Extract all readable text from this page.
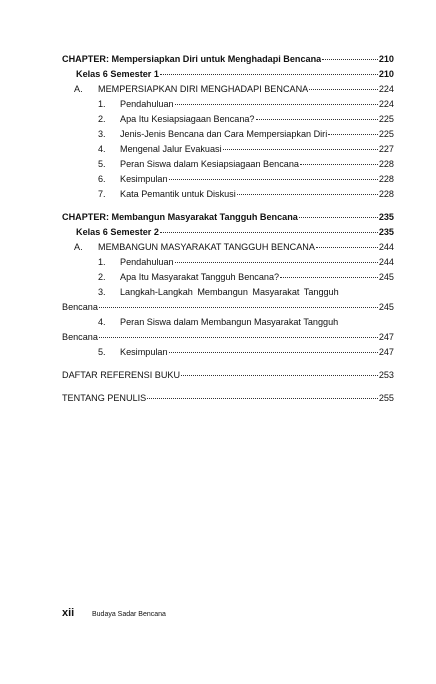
CHAPTER: Mempersiapkan Diri untuk Menghadapi Bencana	210
Kelas 6 Semester 1	210
A.	MEMPERSIAPKAN DIRI MENGHADAPI BENCANA	224
1.	Pendahuluan	224
2.	Apa Itu Kesiapsiagaan Bencana?	225
3.	Jenis-Jenis Bencana dan Cara Mempersiapkan Diri	225
4.	Mengenal Jalur Evakuasi	227
5.	Peran Siswa dalam Kesiapsiagaan Bencana	228
6.	Kesimpulan	228
7.	Kata Pemantik untuk Diskusi	228
CHAPTER: Membangun Masyarakat Tangguh Bencana	235
Kelas 6 Semester 2	235
A.	MEMBANGUN MASYARAKAT TANGGUH BENCANA	244
1.	Pendahuluan	244
2.	Apa Itu Masyarakat Tangguh Bencana?	245
3.	Langkah-Langkah Membangun Masyarakat Tangguh
Bencana	245
4.	Peran Siswa dalam Membangun Masyarakat Tangguh
Bencana	247
5.	Kesimpulan	247
DAFTAR REFERENSI BUKU	253
TENTANG PENULIS	255
xii	Budaya Sadar Bencana
